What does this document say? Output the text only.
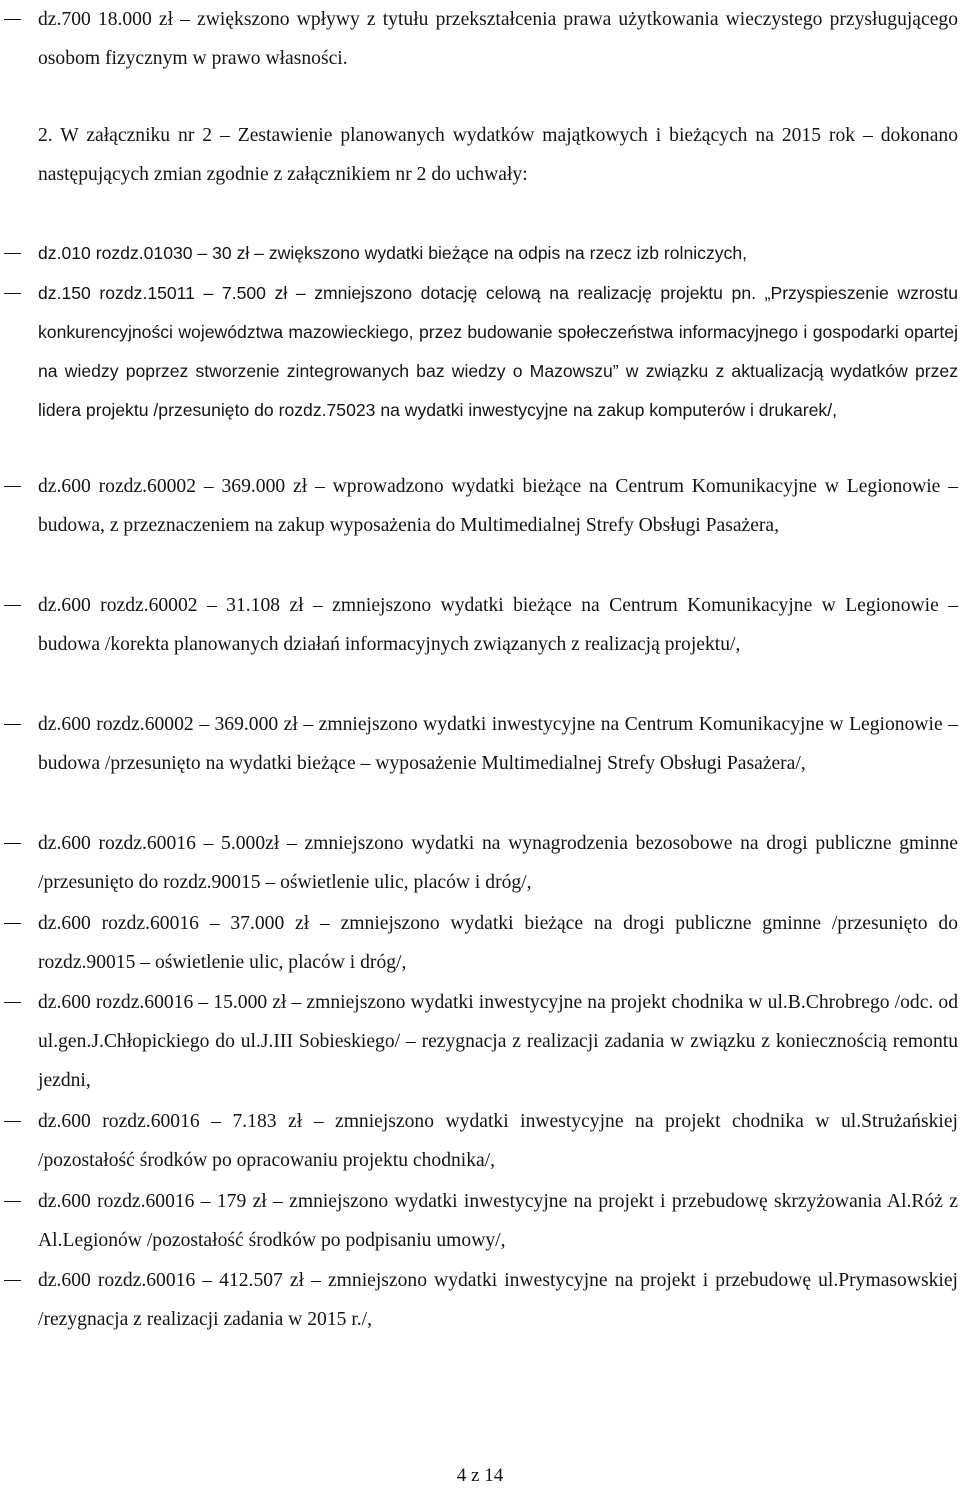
dz.700 18.000 zł – zwiększono wpływy z tytułu przekształcenia prawa użytkowania wieczystego przysługującego osobom fizycznym w prawo własności.

2. W załączniku nr 2 – Zestawienie planowanych wydatków majątkowych i bieżących na 2015 rok – dokonano następujących zmian zgodnie z załącznikiem nr 2 do uchwały:

dz.010 rozdz.01030 – 30 zł – zwiększono wydatki bieżące na odpis na rzecz izb rolniczych,

dz.150 rozdz.15011 – 7.500 zł – zmniejszono dotację celową na realizację projektu pn. „Przyspieszenie wzrostu konkurencyjności województwa mazowieckiego, przez budowanie społeczeństwa informacyjnego i gospodarki opartej na wiedzy poprzez stworzenie zintegrowanych baz wiedzy o Mazowszu” w związku z aktualizacją wydatków przez lidera projektu /przesunięto do rozdz.75023 na wydatki inwestycyjne na zakup komputerów i drukarek/,

dz.600 rozdz.60002 – 369.000 zł – wprowadzono wydatki bieżące na Centrum Komunikacyjne w Legionowie – budowa, z przeznaczeniem na zakup wyposażenia do Multimedialnej Strefy Obsługi Pasażera,

dz.600 rozdz.60002 – 31.108 zł – zmniejszono wydatki bieżące na Centrum Komunikacyjne w Legionowie – budowa /korekta planowanych działań informacyjnych związanych z realizacją projektu/,

dz.600 rozdz.60002 – 369.000 zł – zmniejszono wydatki inwestycyjne na Centrum Komunikacyjne w Legionowie – budowa /przesunięto na wydatki bieżące – wyposażenie Multimedialnej Strefy Obsługi Pasażera/,

dz.600 rozdz.60016 – 5.000zł – zmniejszono wydatki na wynagrodzenia bezosobowe na drogi publiczne gminne /przesunięto do rozdz.90015 – oświetlenie ulic, placów i dróg/,

dz.600 rozdz.60016 – 37.000 zł – zmniejszono wydatki bieżące na drogi publiczne gminne /przesunięto do rozdz.90015 – oświetlenie ulic, placów i dróg/,

dz.600 rozdz.60016 – 15.000 zł – zmniejszono wydatki inwestycyjne na projekt chodnika w ul.B.Chrobrego /odc. od ul.gen.J.Chłopickiego do ul.J.III Sobieskiego/ – rezygnacja z realizacji zadania w związku z koniecznością remontu jezdni,

dz.600 rozdz.60016 – 7.183 zł – zmniejszono wydatki inwestycyjne na projekt chodnika w ul.Strużańskiej /pozostałość środków po opracowaniu projektu chodnika/,

dz.600 rozdz.60016 – 179 zł – zmniejszono wydatki inwestycyjne na projekt i przebudowę skrzyżowania Al.Róż z Al.Legionów /pozostałość środków po podpisaniu umowy/,

dz.600 rozdz.60016 – 412.507 zł – zmniejszono wydatki inwestycyjne na projekt i przebudowę ul.Prymasowskiej /rezygnacja z realizacji zadania w 2015 r./,

4 z 14
